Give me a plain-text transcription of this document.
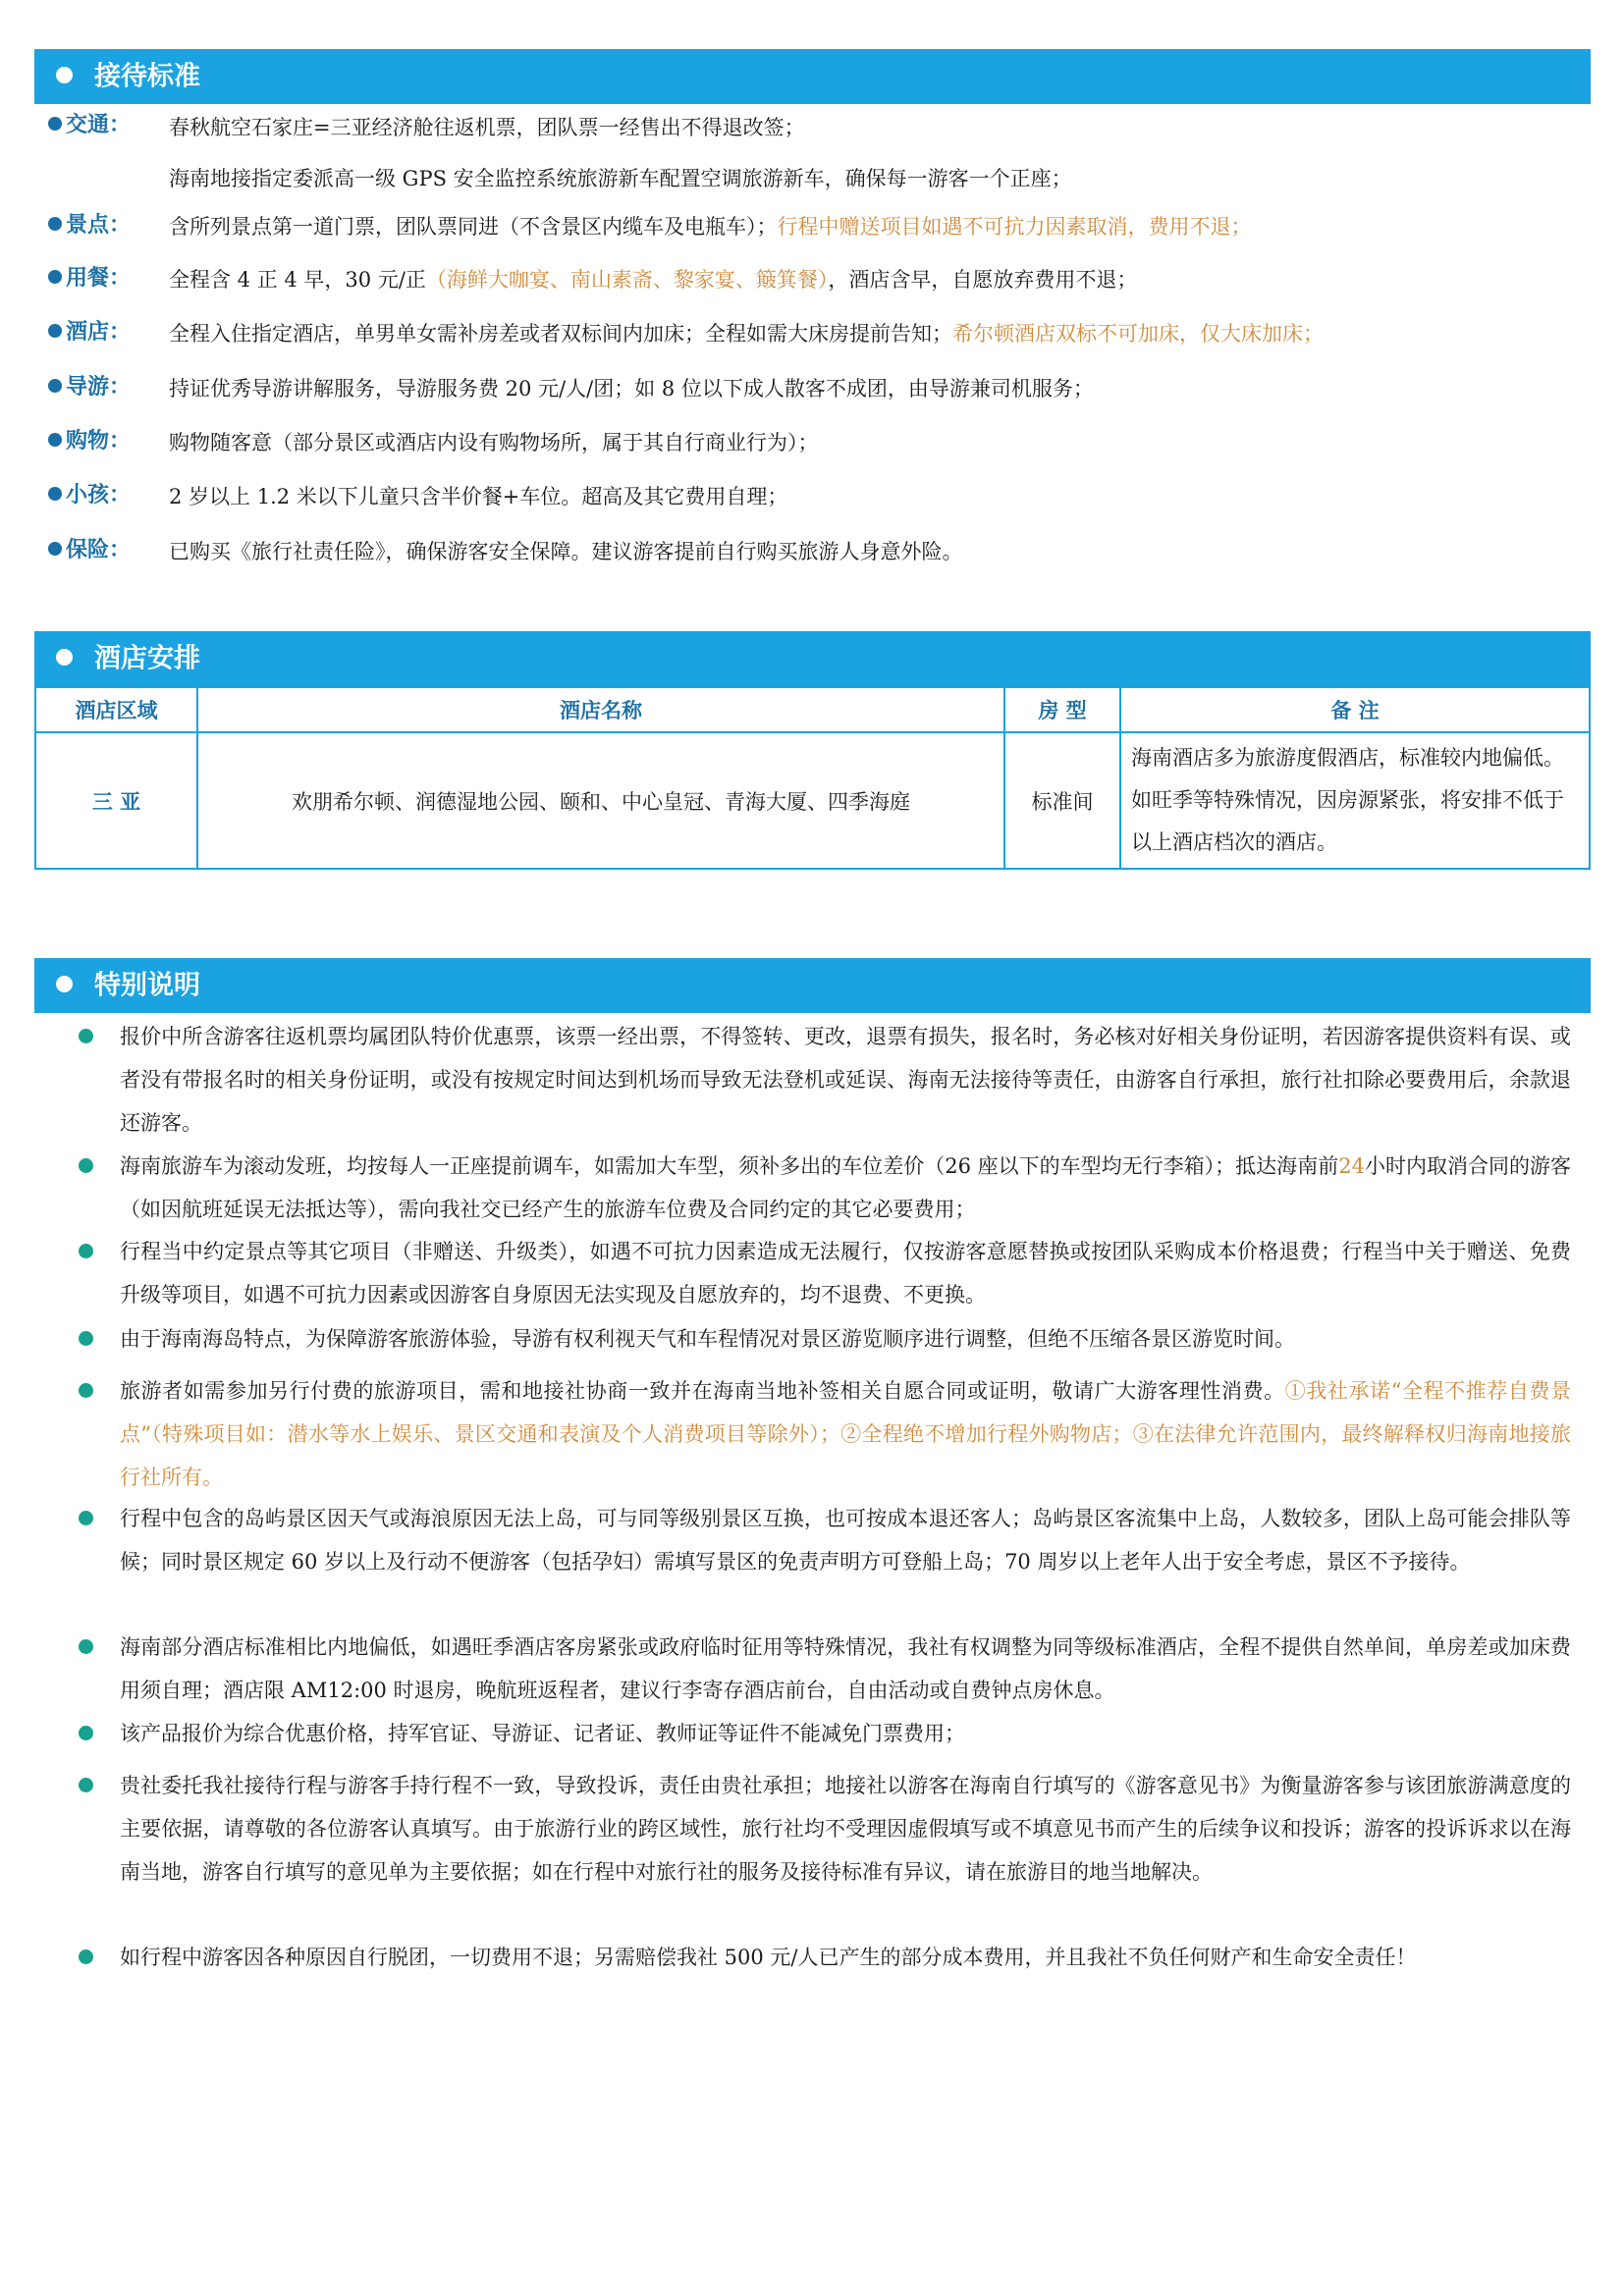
接待标准
交通： 春秋航空石家庄=三亚经济舱往返机票，团队票一经售出不得退改签；
海南地接指定委派高一级 GPS 安全监控系统旅游新车配置空调旅游新车，确保每一游客一个正座；
景点： 含所列景点第一道门票，团队票同进（不含景区内缆车及电瓶车）；行程中赠送项目如遇不可抗力因素取消，费用不退；
用餐： 全程含 4 正 4 早，30 元/正（海鲜大咖宴、南山素斋、黎家宴、簸箕餐），酒店含早，自愿放弃费用不退；
酒店： 全程入住指定酒店，单男单女需补房差或者双标间内加床；全程如需大床房提前告知；希尔顿酒店双标不可加床，仅大床加床；
导游： 持证优秀导游讲解服务，导游服务费 20 元/人/团；如 8 位以下成人散客不成团，由导游兼司机服务；
购物： 购物随客意（部分景区或酒店内设有购物场所，属于其自行商业行为）；
小孩： 2 岁以上 1.2 米以下儿童只含半价餐+车位。超高及其它费用自理；
保险： 已购买《旅行社责任险》，确保游客安全保障。建议游客提前自行购买旅游人身意外险。
酒店安排
酒店区域	酒店名称	房 型	备 注
三 亚	欢朋希尔顿、润德湿地公园、颐和、中心皇冠、青海大厦、四季海庭	标准间	海南酒店多为旅游度假酒店，标准较内地偏低。如旺季等特殊情况，因房源紧张，将安排不低于以上酒店档次的酒店。
特别说明
报价中所含游客往返机票均属团队特价优惠票，该票一经出票，不得签转、更改，退票有损失，报名时，务必核对好相关身份证明，若因游客提供资料有误、或者没有带报名时的相关身份证明，或没有按规定时间达到机场而导致无法登机或延误、海南无法接待等责任，由游客自行承担，旅行社扣除必要费用后，余款退还游客。
海南旅游车为滚动发班，均按每人一正座提前调车，如需加大车型，须补多出的车位差价（26 座以下的车型均无行李箱）；抵达海南前24小时内取消合同的游客（如因航班延误无法抵达等），需向我社交已经产生的旅游车位费及合同约定的其它必要费用；
行程当中约定景点等其它项目（非赠送、升级类），如遇不可抗力因素造成无法履行，仅按游客意愿替换或按团队采购成本价格退费；行程当中关于赠送、免费升级等项目，如遇不可抗力因素或因游客自身原因无法实现及自愿放弃的，均不退费、不更换。
由于海南海岛特点，为保障游客旅游体验，导游有权利视天气和车程情况对景区游览顺序进行调整，但绝不压缩各景区游览时间。
旅游者如需参加另行付费的旅游项目，需和地接社协商一致并在海南当地补签相关自愿合同或证明，敬请广大游客理性消费。①我社承诺“全程不推荐自费景点”（特殊项目如：潜水等水上娱乐、景区交通和表演及个人消费项目等除外）；②全程绝不增加行程外购物店；③在法律允许范围内，最终解释权归海南地接旅行社所有。
行程中包含的岛屿景区因天气或海浪原因无法上岛，可与同等级别景区互换，也可按成本退还客人；岛屿景区客流集中上岛，人数较多，团队上岛可能会排队等候；同时景区规定 60 岁以上及行动不便游客（包括孕妇）需填写景区的免责声明方可登船上岛；70 周岁以上老年人出于安全考虑，景区不予接待。
海南部分酒店标准相比内地偏低，如遇旺季酒店客房紧张或政府临时征用等特殊情况，我社有权调整为同等级标准酒店，全程不提供自然单间，单房差或加床费用须自理；酒店限 AM12:00 时退房，晚航班返程者，建议行李寄存酒店前台，自由活动或自费钟点房休息。
该产品报价为综合优惠价格，持军官证、导游证、记者证、教师证等证件不能减免门票费用；
贵社委托我社接待行程与游客手持行程不一致，导致投诉，责任由贵社承担；地接社以游客在海南自行填写的《游客意见书》为衡量游客参与该团旅游满意度的主要依据，请尊敬的各位游客认真填写。由于旅游行业的跨区域性，旅行社均不受理因虚假填写或不填意见书而产生的后续争议和投诉；游客的投诉诉求以在海南当地，游客自行填写的意见单为主要依据；如在行程中对旅行社的服务及接待标准有异议，请在旅游目的地当地解决。
如行程中游客因各种原因自行脱团，一切费用不退；另需赔偿我社 500 元/人已产生的部分成本费用，并且我社不负任何财产和生命安全责任！
